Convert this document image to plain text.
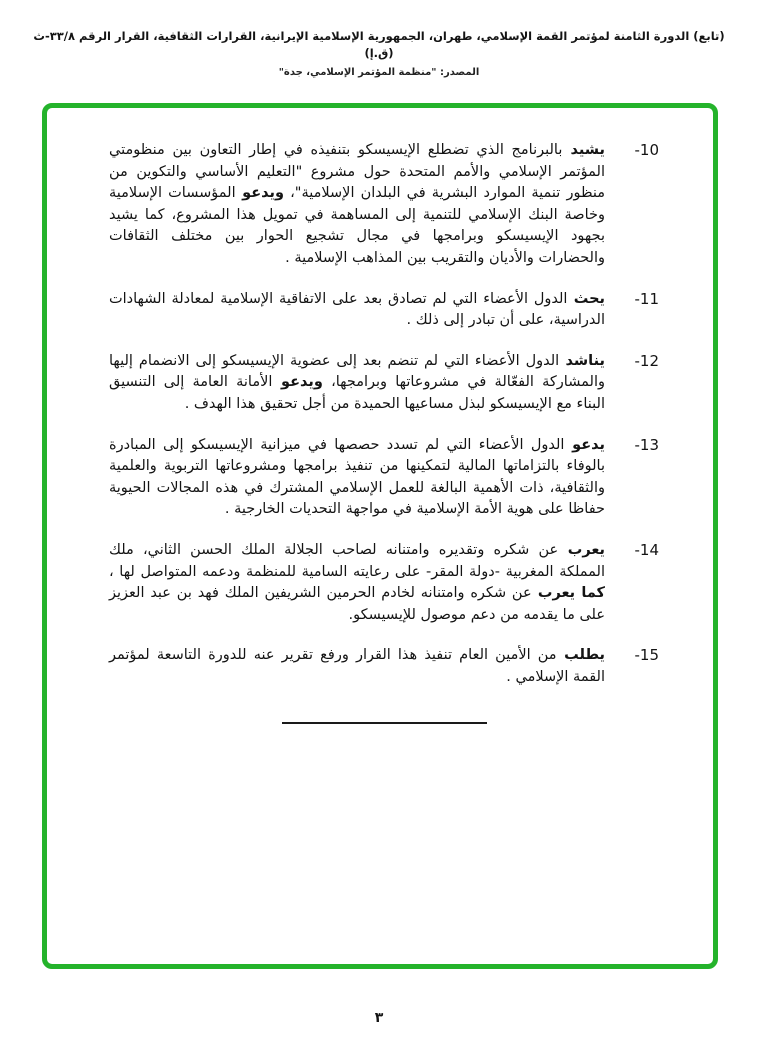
(تابع) الدورة الثامنة لمؤتمر القمة الإسلامي، طهران، الجمهورية الإسلامية الإيرانية، القرارات الثقافية، القرار الرقم ٣٣/٨-ث (ق.إ)
المصدر: "منظمة المؤتمر الإسلامي، جدة"
10-

يشيد بالبرنامج الذي تضطلع الإيسيسكو بتنفيذه في إطار التعاون بين منظومتي المؤتمر الإسلامي والأمم المتحدة حول مشروع "التعليم الأساسي والتكوين من منظور تنمية الموارد البشرية في البلدان الإسلامية"، ويدعو المؤسسات الإسلامية وخاصة البنك الإسلامي للتنمية إلى المساهمة في تمويل هذا المشروع، كما يشيد بجهود الإيسيسكو وبرامجها في مجال تشجيع الحوار بين مختلف الثقافات والحضارات والأديان والتقريب بين المذاهب الإسلامية .

11-

يحث الدول الأعضاء التي لم تصادق بعد على الاتفاقية الإسلامية لمعادلة الشهادات الدراسية، على أن تبادر إلى ذلك .

12-

يناشد الدول الأعضاء التي لم تنضم بعد إلى عضوية الإيسيسكو إلى الانضمام إليها والمشاركة الفعّالة في مشروعاتها وبرامجها، ويدعو الأمانة العامة إلى التنسيق البناء مع الإيسيسكو لبذل مساعيها الحميدة من أجل تحقيق هذا الهدف .

13-

يدعو الدول الأعضاء التي لم تسدد حصصها في ميزانية الإيسيسكو إلى المبادرة بالوفاء بالتزاماتها المالية لتمكينها من تنفيذ برامجها ومشروعاتها التربوية والعلمية والثقافية، ذات الأهمية البالغة للعمل الإسلامي المشترك في هذه المجالات الحيوية حفاظا على هوية الأمة الإسلامية في مواجهة التحديات الخارجية .

14-

يعرب عن شكره وتقديره وامتنانه لصاحب الجلالة الملك الحسن الثاني، ملك المملكة المغربية -دولة المقر- على رعايته السامية للمنظمة ودعمه المتواصل لها ، كما يعرب عن شكره وامتنانه لخادم الحرمين الشريفين الملك فهد بن عبد العزيز على ما يقدمه من دعم موصول للإيسيسكو.

15-

يطلب من الأمين العام تنفيذ هذا القرار ورفع تقرير عنه للدورة التاسعة لمؤتمر القمة الإسلامي .

٣
